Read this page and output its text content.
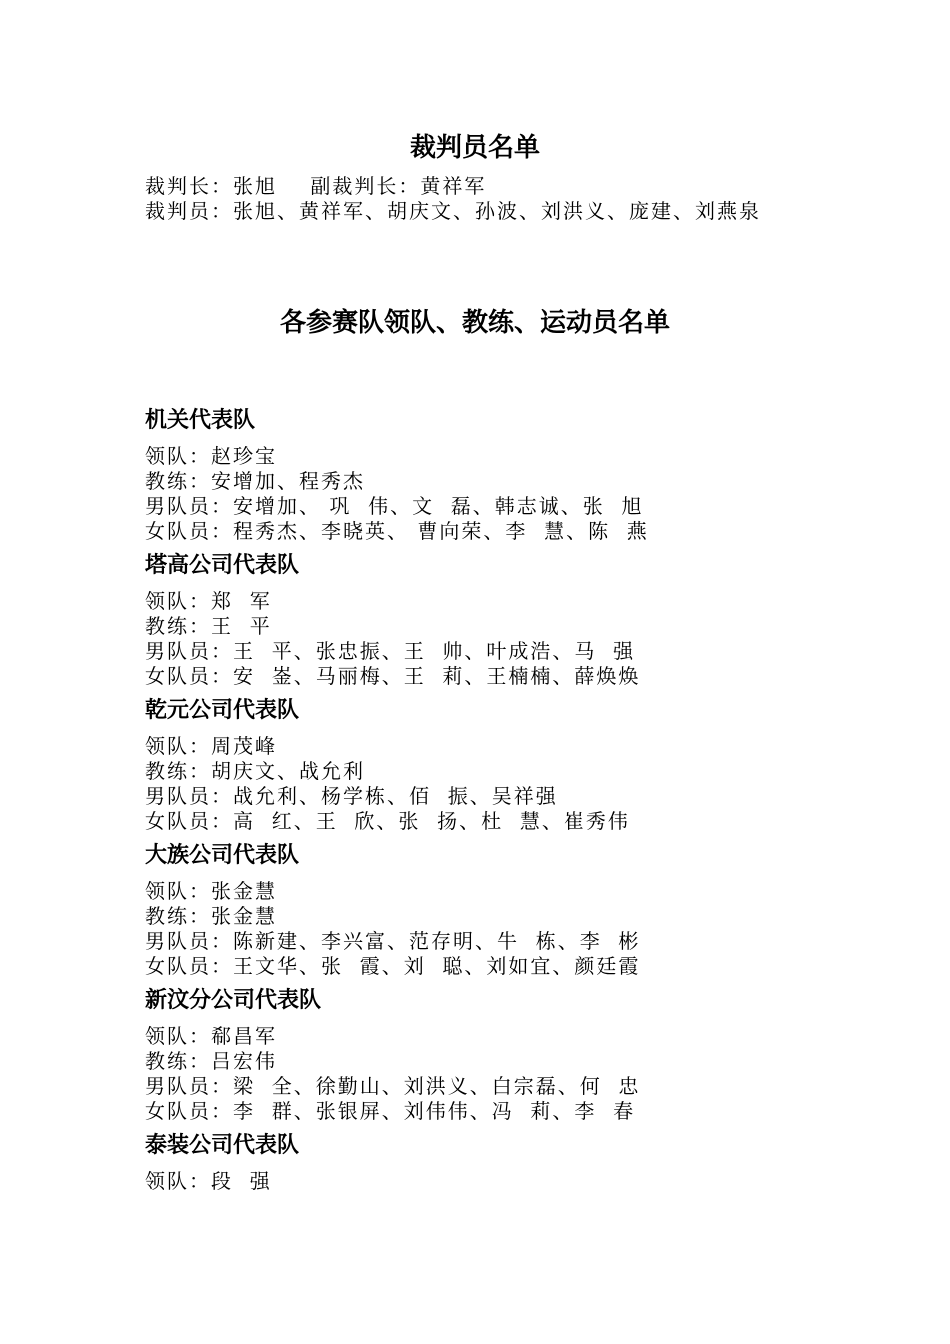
裁判员名单
裁判长：张旭    副裁判长：黄祥军
裁判员：张旭、黄祥军、胡庆文、孙波、刘洪义、庞建、刘燕泉
各参赛队领队、教练、运动员名单
机关代表队
领队：赵珍宝
教练：安增加、程秀杰
男队员：安增加、 巩  伟、文  磊、韩志诚、张  旭
女队员：程秀杰、李晓英、 曹向荣、李  慧、陈  燕
塔高公司代表队
领队：郑  军
教练：王  平
男队员：王  平、张忠振、王  帅、叶成浩、马  强
女队员：安  崟、马丽梅、王  莉、王楠楠、薛焕焕
乾元公司代表队
领队：周茂峰
教练：胡庆文、战允利
男队员：战允利、杨学栋、佰  振、吴祥强
女队员：高  红、王  欣、张  扬、杜  慧、崔秀伟
大族公司代表队
领队：张金慧
教练：张金慧
男队员：陈新建、李兴富、范存明、牛  栋、李  彬
女队员：王文华、张  霞、刘  聪、刘如宜、颜廷霞
新汶分公司代表队
领队：郗昌军
教练：吕宏伟
男队员：梁  全、徐勤山、刘洪义、白宗磊、何  忠
女队员：李  群、张银屏、刘伟伟、冯  莉、李  春
泰装公司代表队
领队：段  强
